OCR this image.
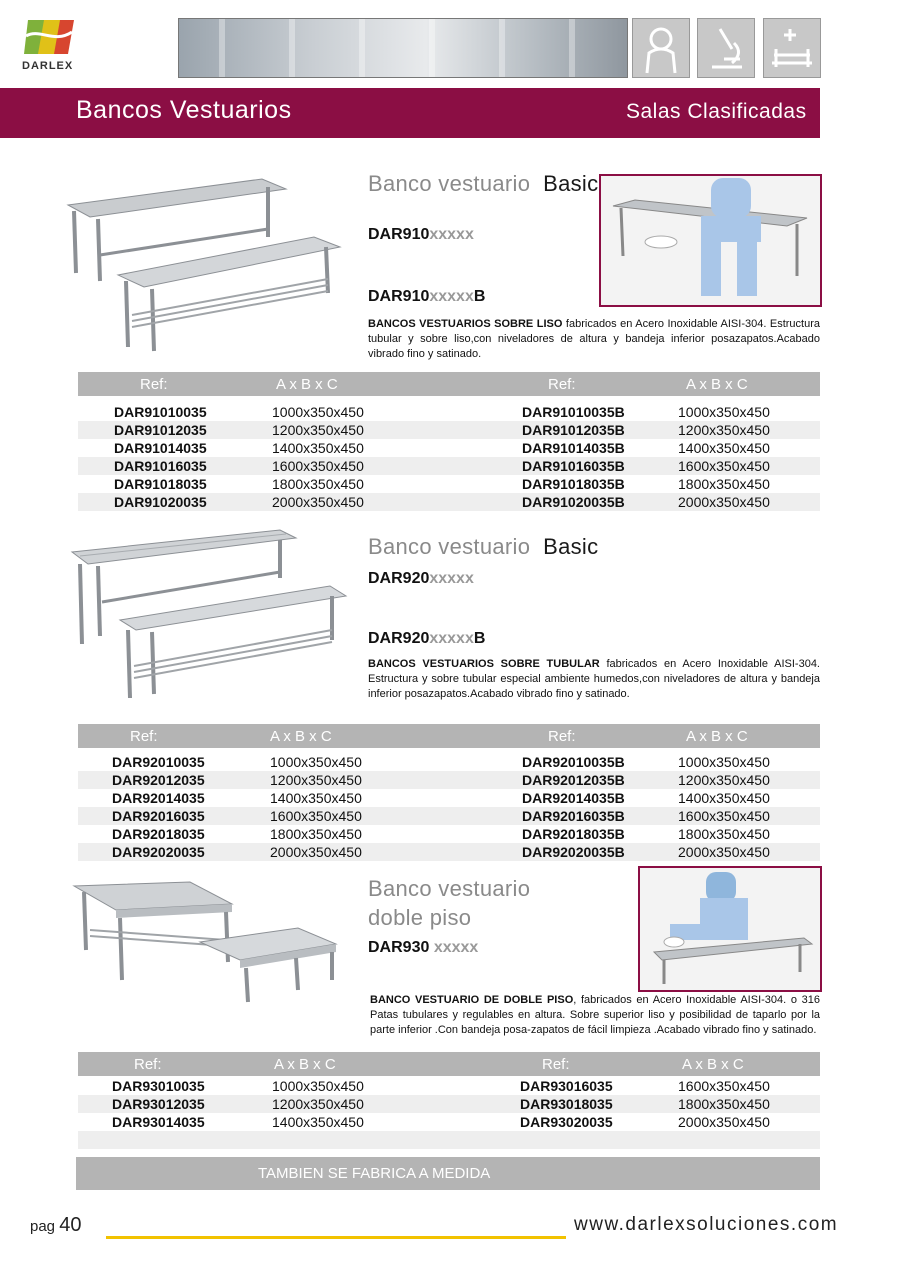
DARLEX
Bancos Vestuarios	Salas Clasificadas
Banco vestuario Basic
DAR910xxxxx
DAR910xxxxxB
BANCOS VESTUARIOS SOBRE LISO fabricados en Acero Inoxidable AISI-304. Estructura tubular y sobre liso,con niveladores de altura y bandeja inferior posazapatos.Acabado vibrado fino y satinado.
Ref:	A x B x C	Ref:	A x B x C
DAR91010035	1000x350x450	DAR91010035B	1000x350x450
DAR91012035	1200x350x450	DAR91012035B	1200x350x450
DAR91014035	1400x350x450	DAR91014035B	1400x350x450
DAR91016035	1600x350x450	DAR91016035B	1600x350x450
DAR91018035	1800x350x450	DAR91018035B	1800x350x450
DAR91020035	2000x350x450	DAR91020035B	2000x350x450
Banco vestuario Basic
DAR920xxxxx
DAR920xxxxxB
BANCOS VESTUARIOS SOBRE TUBULAR fabricados en Acero Inoxidable AISI-304. Estructura y sobre tubular especial ambiente humedos,con niveladores de altura y bandeja inferior posazapatos.Acabado vibrado fino y satinado.
Ref:	A x B x C	Ref:	A x B x C
DAR92010035	1000x350x450	DAR92010035B	1000x350x450
DAR92012035	1200x350x450	DAR92012035B	1200x350x450
DAR92014035	1400x350x450	DAR92014035B	1400x350x450
DAR92016035	1600x350x450	DAR92016035B	1600x350x450
DAR92018035	1800x350x450	DAR92018035B	1800x350x450
DAR92020035	2000x350x450	DAR92020035B	2000x350x450
Banco vestuario
doble piso
DAR930 xxxxx
BANCO VESTUARIO DE DOBLE PISO, fabricados en Acero Inoxidable AISI-304. o 316 Patas tubulares y regulables en altura. Sobre superior liso y posibilidad de taparlo por la parte inferior .Con bandeja posa-zapatos de fácil limpieza .Acabado vibrado fino y satinado.
Ref:	A x B x C	Ref:	A x B x C
DAR93010035	1000x350x450	DAR93016035	1600x350x450
DAR93012035	1200x350x450	DAR93018035	1800x350x450
DAR93014035	1400x350x450	DAR93020035	2000x350x450
TAMBIEN SE FABRICA A MEDIDA
pag 40	www.darlexsoluciones.com
